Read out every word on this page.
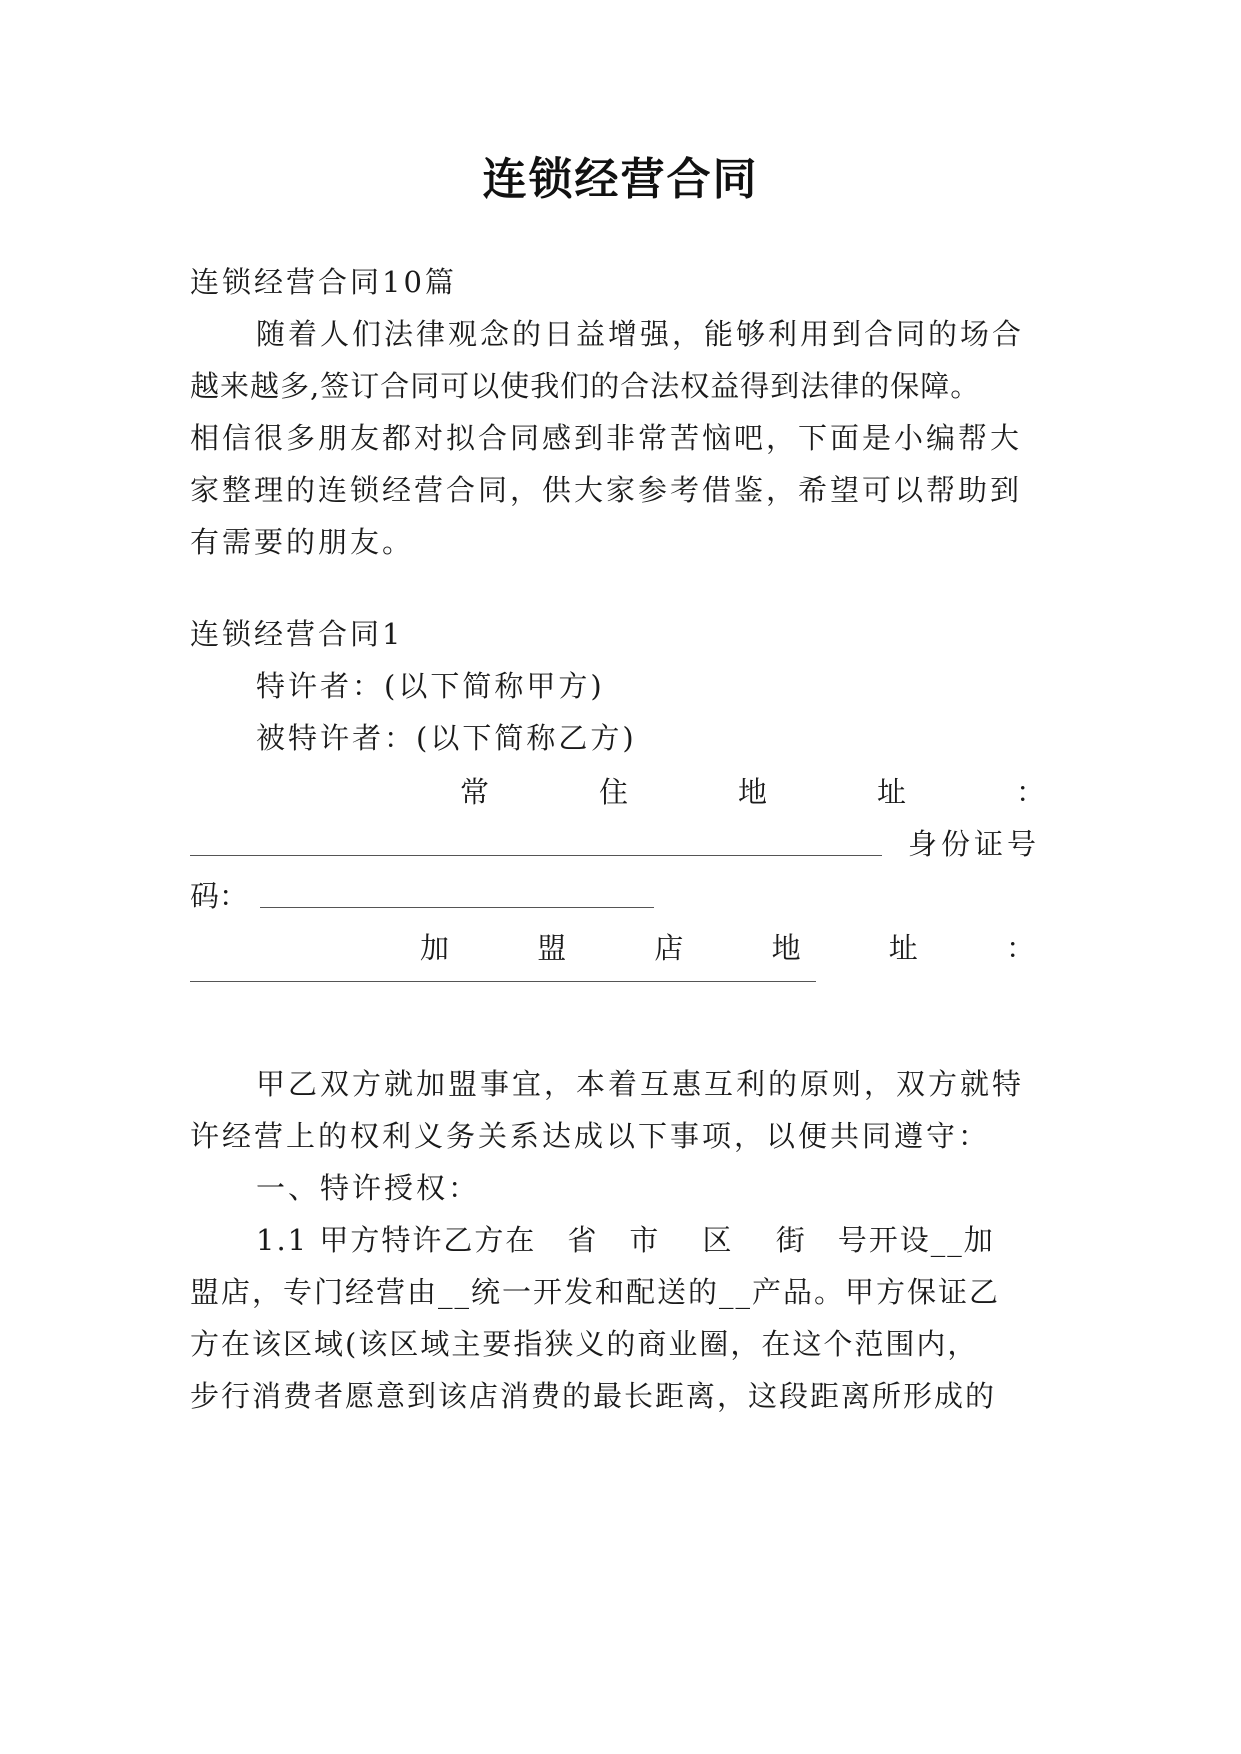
连锁经营合同
连锁经营合同10篇
随着人们法律观念的日益增强，能够利用到合同的场合
越来越多,签订合同可以使我们的合法权益得到法律的保障。
相信很多朋友都对拟合同感到非常苦恼吧，下面是小编帮大
家整理的连锁经营合同，供大家参考借鉴，希望可以帮助到
有需要的朋友。
连锁经营合同1
特许者：(以下简称甲方)
被特许者：(以下简称乙方)
常	住	地	址	：
身份证号
码：
加	盟	店	地	址	：
甲乙双方就加盟事宜，本着互惠互利的原则，双方就特
许经营上的权利义务关系达成以下事项，以便共同遵守：
一、特许授权：
1.1 甲方特许乙方在　省　市　 区　 街　号开设__加
盟店，专门经营由__统一开发和配送的__产品。甲方保证乙
方在该区域(该区域主要指狭义的商业圈，在这个范围内，
步行消费者愿意到该店消费的最长距离，这段距离所形成的
